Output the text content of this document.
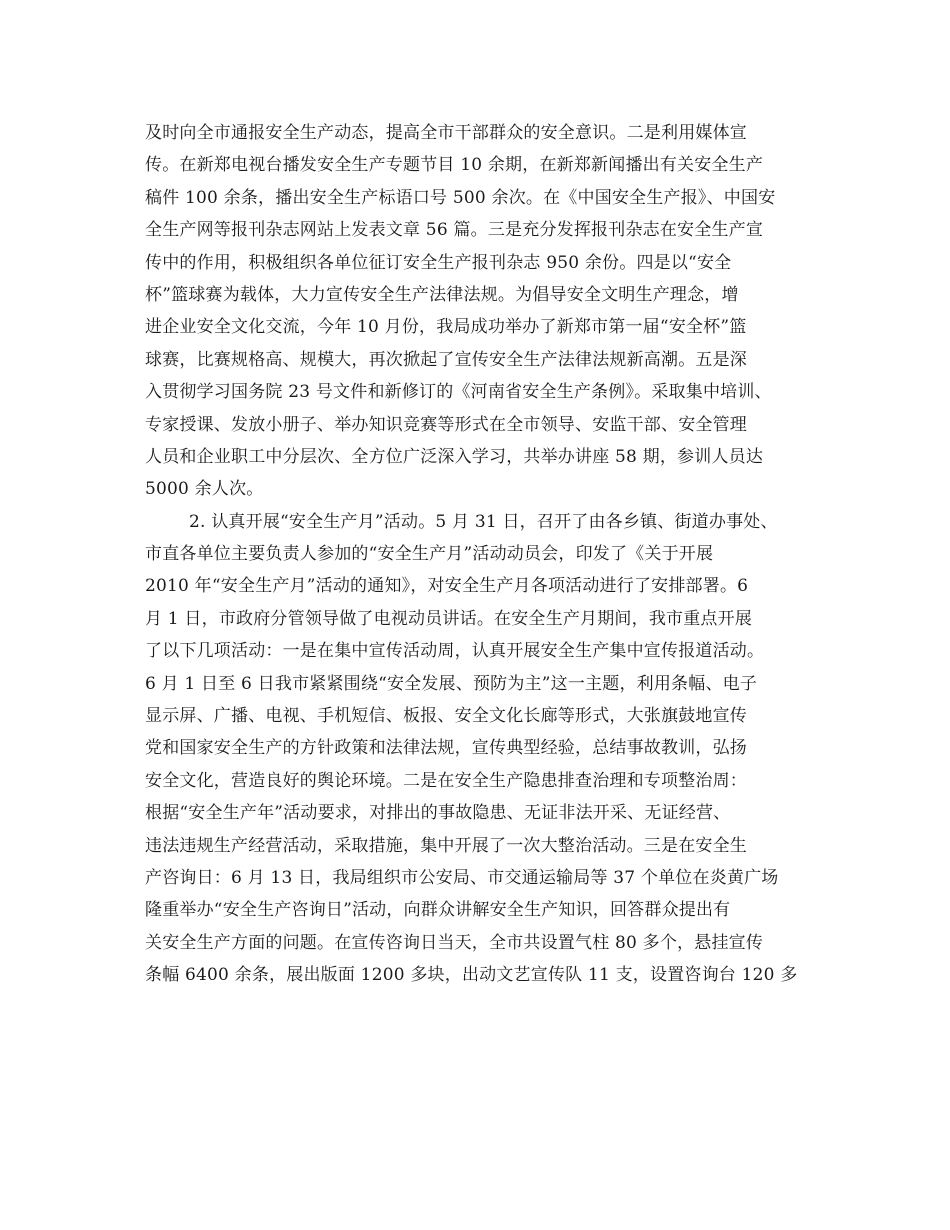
及时向全市通报安全生产动态，提高全市干部群众的安全意识。二是利用媒体宣
传。在新郑电视台播发安全生产专题节目 10 余期，在新郑新闻播出有关安全生产
稿件 100 余条，播出安全生产标语口号 500 余次。在《中国安全生产报》、中国安
全生产网等报刊杂志网站上发表文章 56 篇。三是充分发挥报刊杂志在安全生产宣
传中的作用，积极组织各单位征订安全生产报刊杂志 950 余份。四是以“安全
杯”篮球赛为载体，大力宣传安全生产法律法规。为倡导安全文明生产理念，增
进企业安全文化交流，今年 10 月份，我局成功举办了新郑市第一届“安全杯”篮
球赛，比赛规格高、规模大，再次掀起了宣传安全生产法律法规新高潮。五是深
入贯彻学习国务院 23 号文件和新修订的《河南省安全生产条例》。采取集中培训、
专家授课、发放小册子、举办知识竞赛等形式在全市领导、安监干部、安全管理
人员和企业职工中分层次、全方位广泛深入学习，共举办讲座 58 期，参训人员达
5000 余人次。
2. 认真开展“安全生产月”活动。5 月 31 日，召开了由各乡镇、街道办事处、
市直各单位主要负责人参加的“安全生产月”活动动员会，印发了《关于开展
2010 年“安全生产月”活动的通知》，对安全生产月各项活动进行了安排部署。6
月 1 日，市政府分管领导做了电视动员讲话。在安全生产月期间，我市重点开展
了以下几项活动：一是在集中宣传活动周，认真开展安全生产集中宣传报道活动。
6 月 1 日至 6 日我市紧紧围绕“安全发展、预防为主”这一主题，利用条幅、电子
显示屏、广播、电视、手机短信、板报、安全文化长廊等形式，大张旗鼓地宣传
党和国家安全生产的方针政策和法律法规，宣传典型经验，总结事故教训，弘扬
安全文化，营造良好的舆论环境。二是在安全生产隐患排查治理和专项整治周：
根据“安全生产年”活动要求，对排出的事故隐患、无证非法开采、无证经营、
违法违规生产经营活动，采取措施，集中开展了一次大整治活动。三是在安全生
产咨询日：6 月 13 日，我局组织市公安局、市交通运输局等 37 个单位在炎黄广场
隆重举办“安全生产咨询日”活动，向群众讲解安全生产知识，回答群众提出有
关安全生产方面的问题。在宣传咨询日当天，全市共设置气柱 80 多个，悬挂宣传
条幅 6400 余条，展出版面 1200 多块，出动文艺宣传队 11 支，设置咨询台 120 多
